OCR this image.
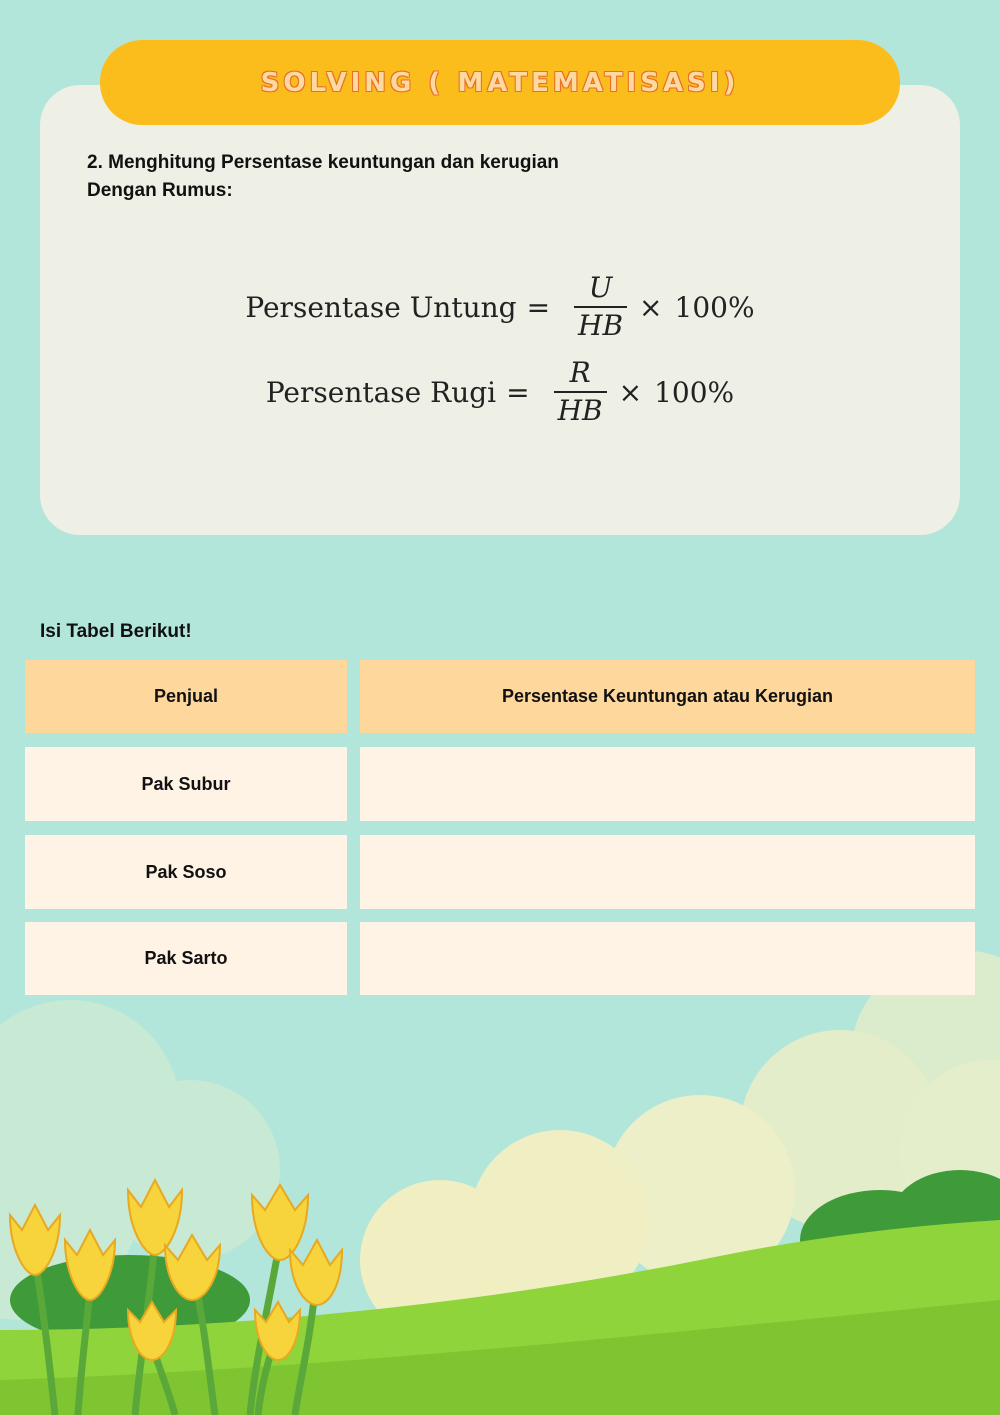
SOLVING ( MATEMATISASI)
2. Menghitung Persentase keuntungan dan kerugian
Dengan Rumus:
Persentase Untung = $\frac{U}{HB} \times 100\%$
Persentase Rugi = $\frac{R}{HB} \times 100\%$
Isi Tabel Berikut!
Penjual	Persentase Keuntungan atau Kerugian
Pak Subur
Pak Soso
Pak Sarto
